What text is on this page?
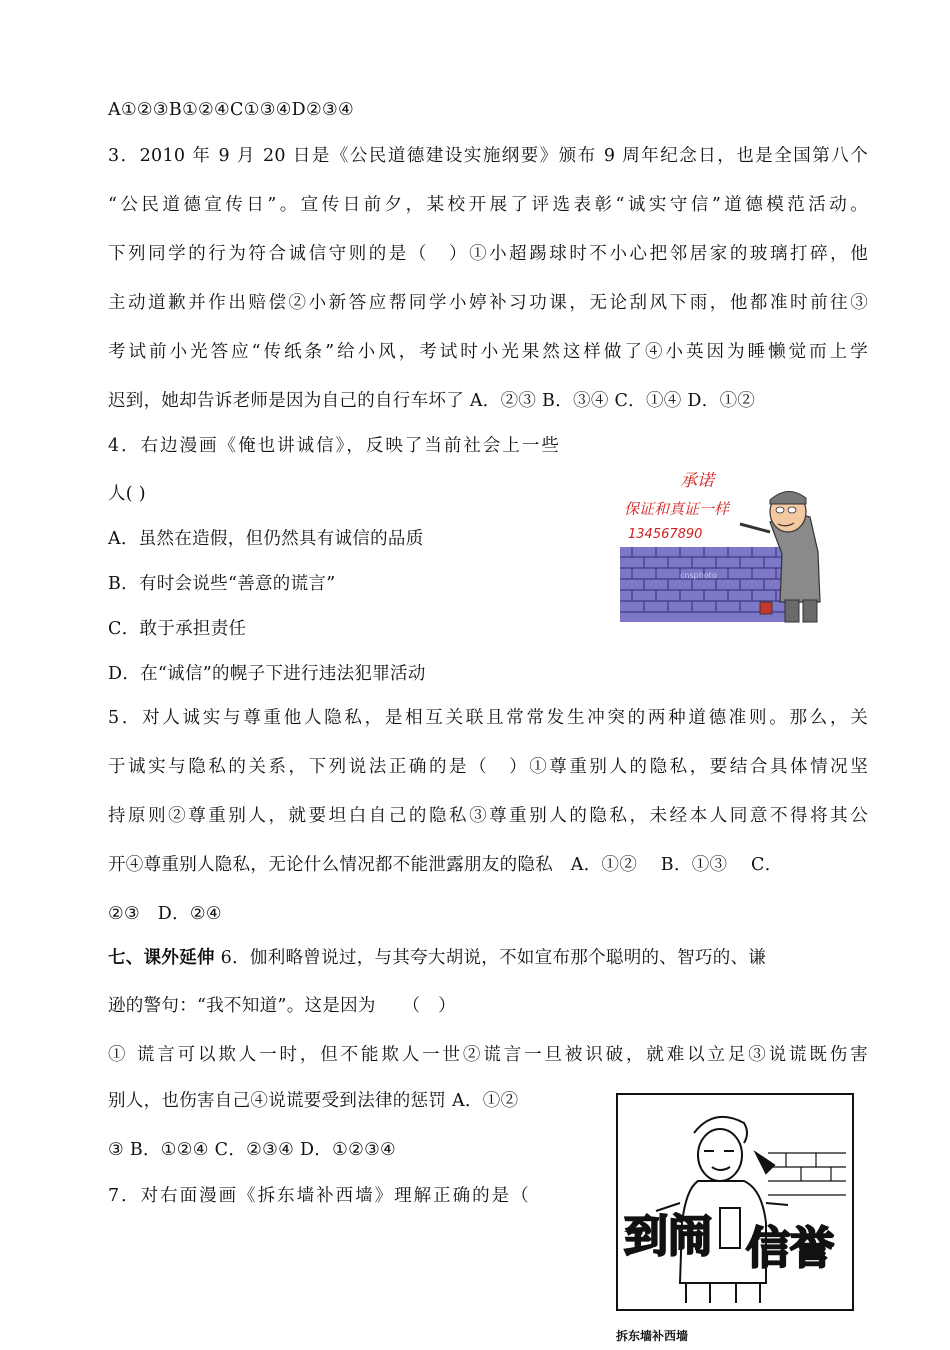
A①②③B①②④C①③④D②③④
3．2010 年 9 月 20 日是《公民道德建设实施纲要》颁布 9 周年纪念日，也是全国第八个
“公民道德宣传日”。宣传日前夕，某校开展了评选表彰“诚实守信”道德模范活动。
下列同学的行为符合诚信守则的是（　）①小超踢球时不小心把邻居家的玻璃打碎，他
主动道歉并作出赔偿②小新答应帮同学小婷补习功课，无论刮风下雨，他都准时前往③
考试前小光答应“传纸条”给小风，考试时小光果然这样做了④小英因为睡懒觉而上学
迟到，她却告诉老师是因为自己的自行车坏了 A．②③ B．③④ C．①④ D．①②
4．右边漫画《俺也讲诚信》，反映了当前社会上一些
人( )
A．虽然在造假，但仍然具有诚信的品质
B．有时会说些“善意的谎言”
C．敢于承担责任
D．在“诚信”的幌子下进行违法犯罪活动
5．对人诚实与尊重他人隐私，是相互关联且常常发生冲突的两种道德准则。那么，关
于诚实与隐私的关系，下列说法正确的是（　）①尊重别人的隐私，要结合具体情况坚
持原则②尊重别人，就要坦白自己的隐私③尊重别人的隐私，未经本人同意不得将其公
开④尊重别人隐私，无论什么情况都不能泄露朋友的隐私　A．①②　 B．①③　 C．
②③　D．②④
七、课外延伸 6．伽利略曾说过，与其夸大胡说，不如宣布那个聪明的、智巧的、谦
逊的警句：“我不知道”。这是因为　　（　）
① 谎言可以欺人一时，但不能欺人一世②谎言一旦被识破，就难以立足③说谎既伤害
别人，也伤害自己④说谎要受到法律的惩罚 A．①②
③ B．①②④ C．②③④ D．①②③④
7．对右面漫画《拆东墙补西墙》理解正确的是（
承诺
保证和真证一样
134567890
cnsphoto
到闹 信誉
拆东墙补西墙
